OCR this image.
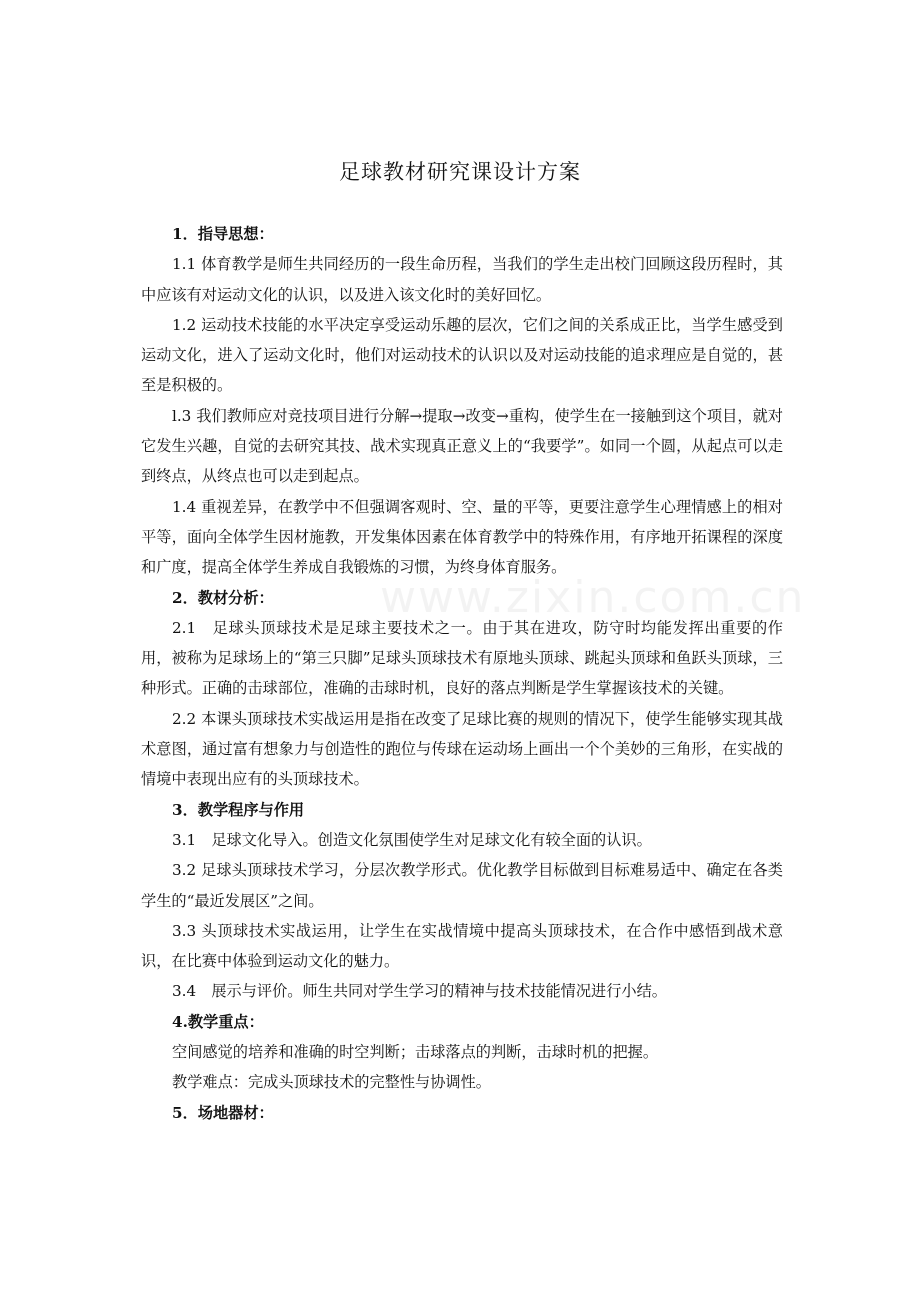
www.zixin.com.cn
足球教材研究课设计方案

1．指导思想：

1.1 体育教学是师生共同经历的一段生命历程，当我们的学生走出校门回顾这段历程时，其中应该有对运动文化的认识，以及进入该文化时的美好回忆。

1.2 运动技术技能的水平决定享受运动乐趣的层次，它们之间的关系成正比，当学生感受到运动文化，进入了运动文化时，他们对运动技术的认识以及对运动技能的追求理应是自觉的，甚至是积极的。

l.3 我们教师应对竞技项目进行分解→提取→改变→重构，使学生在一接触到这个项目，就对它发生兴趣，自觉的去研究其技、战术实现真正意义上的“我要学”。如同一个圆，从起点可以走到终点，从终点也可以走到起点。

1.4 重视差异，在教学中不但强调客观时、空、量的平等，更要注意学生心理情感上的相对平等，面向全体学生因材施教，开发集体因素在体育教学中的特殊作用，有序地开拓课程的深度和广度，提高全体学生养成自我锻炼的习惯，为终身体育服务。

2．教材分析：

2.1　足球头顶球技术是足球主要技术之一。由于其在进攻，防守时均能发挥出重要的作用，被称为足球场上的“第三只脚”足球头顶球技术有原地头顶球、跳起头顶球和鱼跃头顶球，三种形式。正确的击球部位，准确的击球时机，良好的落点判断是学生掌握该技术的关键。

2.2 本课头顶球技术实战运用是指在改变了足球比赛的规则的情况下，使学生能够实现其战术意图，通过富有想象力与创造性的跑位与传球在运动场上画出一个个美妙的三角形，在实战的情境中表现出应有的头顶球技术。

3．教学程序与作用

3.1　足球文化导入。创造文化氛围使学生对足球文化有较全面的认识。

3.2 足球头顶球技术学习，分层次教学形式。优化教学目标做到目标难易适中、确定在各类学生的“最近发展区”之间。

3.3 头顶球技术实战运用，让学生在实战情境中提高头顶球技术，在合作中感悟到战术意识，在比赛中体验到运动文化的魅力。

3.4　展示与评价。师生共同对学生学习的精神与技术技能情况进行小结。

4.教学重点：

空间感觉的培养和准确的时空判断；击球落点的判断，击球时机的把握。

教学难点：完成头顶球技术的完整性与协调性。

5．场地器材：
